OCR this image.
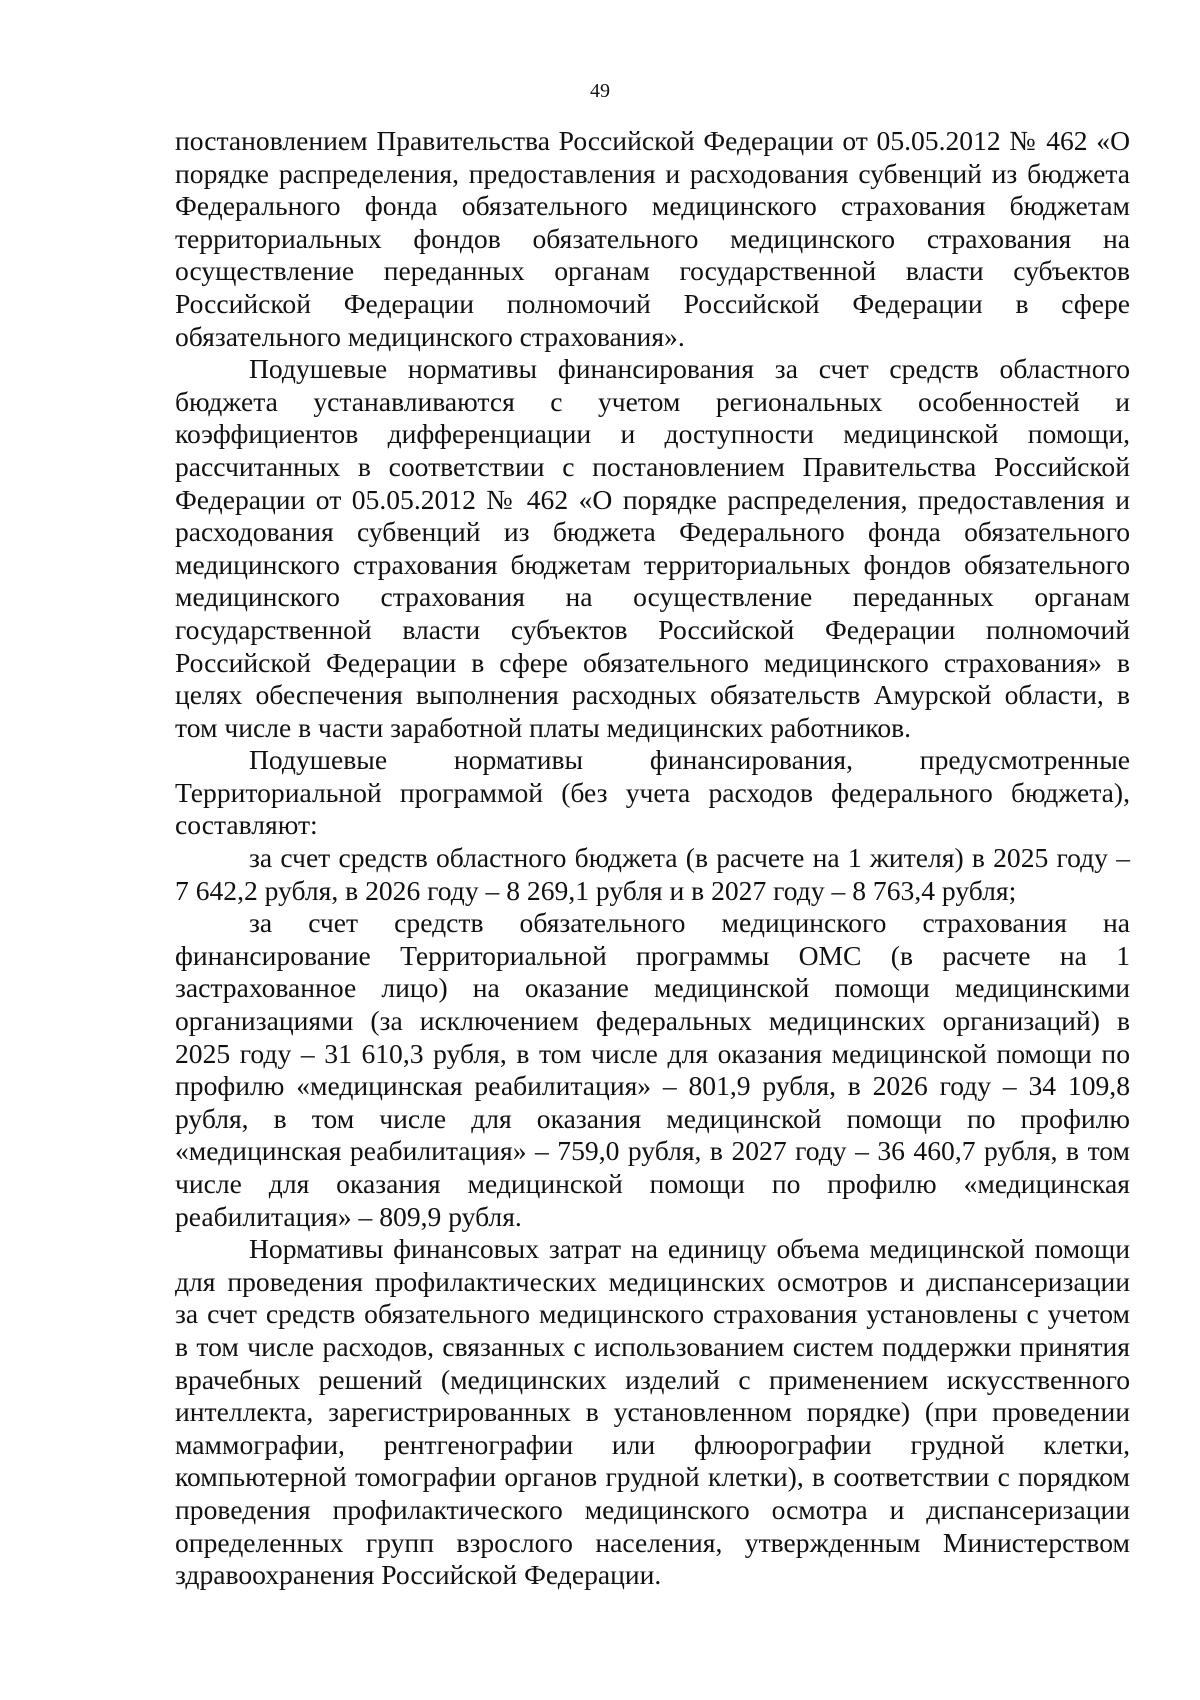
49

постановлением Правительства Российской Федерации от 05.05.2012 № 462 «О порядке распределения, предоставления и расходования субвенций из бюджета Федерального фонда обязательного медицинского страхования бюджетам территориальных фондов обязательного медицинского страхования на осуществление переданных органам государственной власти субъектов Российской Федерации полномочий Российской Федерации в сфере обязательного медицинского страхования».

Подушевые нормативы финансирования за счет средств областного бюджета устанавливаются с учетом региональных особенностей и коэффициентов дифференциации и доступности медицинской помощи, рассчитанных в соответствии с постановлением Правительства Российской Федерации от 05.05.2012 № 462 «О порядке распределения, предоставления и расходования субвенций из бюджета Федерального фонда обязательного медицинского страхования бюджетам территориальных фондов обязательного медицинского страхования на осуществление переданных органам государственной власти субъектов Российской Федерации полномочий Российской Федерации в сфере обязательного медицинского страхования» в целях обеспечения выполнения расходных обязательств Амурской области, в том числе в части заработной платы медицинских работников.

Подушевые нормативы финансирования, предусмотренные Территориальной программой (без учета расходов федерального бюджета), составляют:

за счет средств областного бюджета (в расчете на 1 жителя) в 2025 году – 7 642,2 рубля, в 2026 году – 8 269,1 рубля и в 2027 году – 8 763,4 рубля;

за счет средств обязательного медицинского страхования на финансирование Территориальной программы ОМС (в расчете на 1 застрахованное лицо) на оказание медицинской помощи медицинскими организациями (за исключением федеральных медицинских организаций) в 2025 году – 31 610,3 рубля, в том числе для оказания медицинской помощи по профилю «медицинская реабилитация» – 801,9 рубля, в 2026 году – 34 109,8 рубля, в том числе для оказания медицинской помощи по профилю «медицинская реабилитация» – 759,0 рубля, в 2027 году – 36 460,7 рубля, в том числе для оказания медицинской помощи по профилю «медицинская реабилитация» – 809,9 рубля.

Нормативы финансовых затрат на единицу объема медицинской помощи для проведения профилактических медицинских осмотров и диспансеризации за счет средств обязательного медицинского страхования установлены с учетом в том числе расходов, связанных с использованием систем поддержки принятия врачебных решений (медицинских изделий с применением искусственного интеллекта, зарегистрированных в установленном порядке) (при проведении маммографии, рентгенографии или флюорографии грудной клетки, компьютерной томографии органов грудной клетки), в соответствии с порядком проведения профилактического медицинского осмотра и диспансеризации определенных групп взрослого населения, утвержденным Министерством здравоохранения Российской Федерации.
